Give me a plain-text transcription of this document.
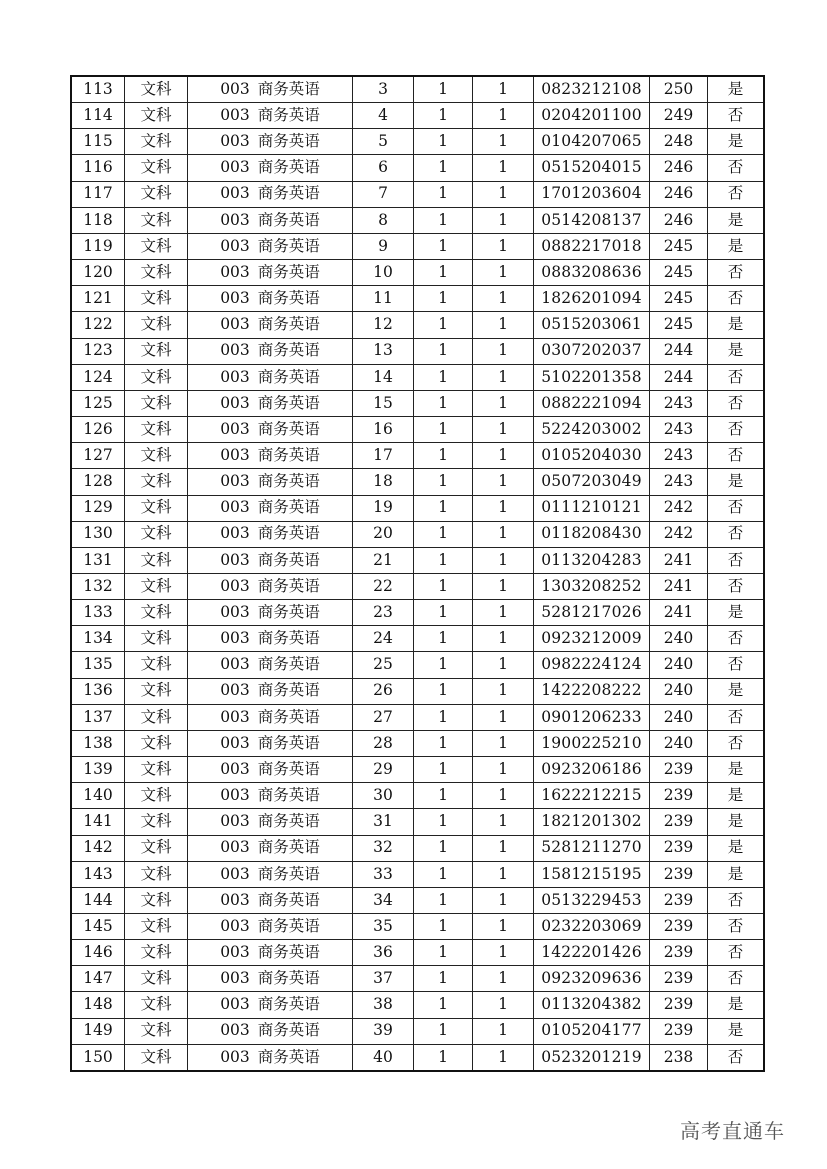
113	文科	003 商务英语	3	1	1	0823212108	250	是
114	文科	003 商务英语	4	1	1	0204201100	249	否
115	文科	003 商务英语	5	1	1	0104207065	248	是
116	文科	003 商务英语	6	1	1	0515204015	246	否
117	文科	003 商务英语	7	1	1	1701203604	246	否
118	文科	003 商务英语	8	1	1	0514208137	246	是
119	文科	003 商务英语	9	1	1	0882217018	245	是
120	文科	003 商务英语	10	1	1	0883208636	245	否
121	文科	003 商务英语	11	1	1	1826201094	245	否
122	文科	003 商务英语	12	1	1	0515203061	245	是
123	文科	003 商务英语	13	1	1	0307202037	244	是
124	文科	003 商务英语	14	1	1	5102201358	244	否
125	文科	003 商务英语	15	1	1	0882221094	243	否
126	文科	003 商务英语	16	1	1	5224203002	243	否
127	文科	003 商务英语	17	1	1	0105204030	243	否
128	文科	003 商务英语	18	1	1	0507203049	243	是
129	文科	003 商务英语	19	1	1	0111210121	242	否
130	文科	003 商务英语	20	1	1	0118208430	242	否
131	文科	003 商务英语	21	1	1	0113204283	241	否
132	文科	003 商务英语	22	1	1	1303208252	241	否
133	文科	003 商务英语	23	1	1	5281217026	241	是
134	文科	003 商务英语	24	1	1	0923212009	240	否
135	文科	003 商务英语	25	1	1	0982224124	240	否
136	文科	003 商务英语	26	1	1	1422208222	240	是
137	文科	003 商务英语	27	1	1	0901206233	240	否
138	文科	003 商务英语	28	1	1	1900225210	240	否
139	文科	003 商务英语	29	1	1	0923206186	239	是
140	文科	003 商务英语	30	1	1	1622212215	239	是
141	文科	003 商务英语	31	1	1	1821201302	239	是
142	文科	003 商务英语	32	1	1	5281211270	239	是
143	文科	003 商务英语	33	1	1	1581215195	239	是
144	文科	003 商务英语	34	1	1	0513229453	239	否
145	文科	003 商务英语	35	1	1	0232203069	239	否
146	文科	003 商务英语	36	1	1	1422201426	239	否
147	文科	003 商务英语	37	1	1	0923209636	239	否
148	文科	003 商务英语	38	1	1	0113204382	239	是
149	文科	003 商务英语	39	1	1	0105204177	239	是
150	文科	003 商务英语	40	1	1	0523201219	238	否
高考直通车
